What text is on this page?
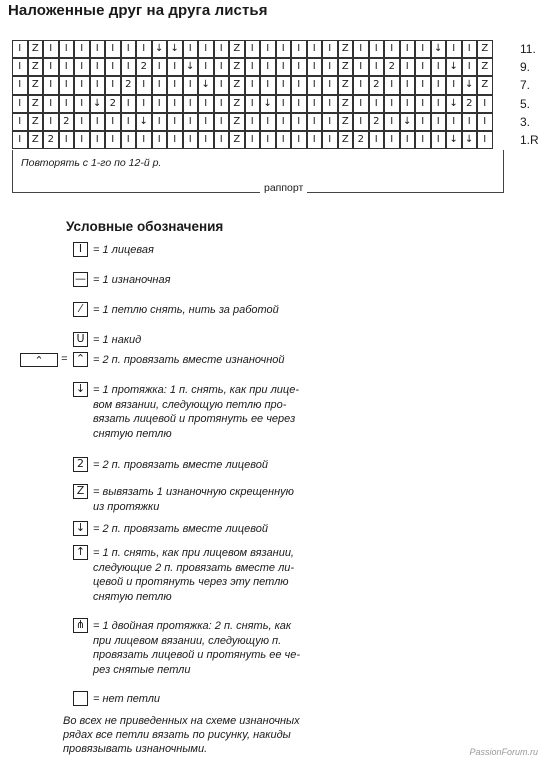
Наложенные друг на друга листья
I	Z	I	I	I	I	I	I	I ↓ ↓ I	I	I	Z	I	I	I	I	I	I	Z	I	I	I	I	I ↓ I	I	Z
I	Z	I	I	I	I	I	I	2	I	I ↓ I	I	Z	I	I	I	I	I	I	Z	I	I	2	I	I	I ↓ I	Z
I	Z	I	I	I	I	I	2	I	I	I	I ↓ I	Z	I	I	I	I	I	I	Z	I	2	I	I	I	I	I ↓ Z
I	Z	I	I	I ↓ 2	I	I	I	I	I	I	I	Z	I ↓ I	I	I	I	Z	I	I	I	I	I	I ↓ 2	I
I	Z	I	2	I	I	I	I ↓ I	I	I	I	I	Z	I	I	I	I	I	I	Z	I	2	I ↓ I	I	I	I	I
I	Z 2	I	I	I	I	I	I	I	I	I	I	I	Z	I	I	I	I	I	I	Z 2	I	I	I	I	I ↓ ↓ I
11.
9.
7.
5.
3.
1.R
Повторять с 1-го по 12-й р.
раппорт
Условные обозначения
⌃	=
I = 1 лицевая
— = 1 изнаночная
⁄	= 1 петлю снять, нить за работой
U = 1 накид
⌃ = 2 п. провязать вместе изнаночной
↓ = 1 протяжка: 1 п. снять, как при лице-
вом вязании, следующую петлю про-
вязать лицевой и протянуть ее через
снятую петлю
2 = 2 п. провязать вместе лицевой
Z = вывязать 1 изнаночную скрещенную
из протяжки
↓ = 2 п. провязать вместе лицевой
↑ = 1 п. снять, как при лицевом вязании,
следующие 2 п. провязать вместе ли-
цевой и протянуть через эту петлю
снятую петлю
⋔ = 1 двойная протяжка: 2 п. снять, как
при лицевом вязании, следующую п.
провязать лицевой и протянуть ее че-
рез снятые петли
= нет петли
Во всех не приведенных на схеме изнаночных
рядах все петли вязать по рисунку, накиды
провязывать изнаночными.	PassionForum.ru
